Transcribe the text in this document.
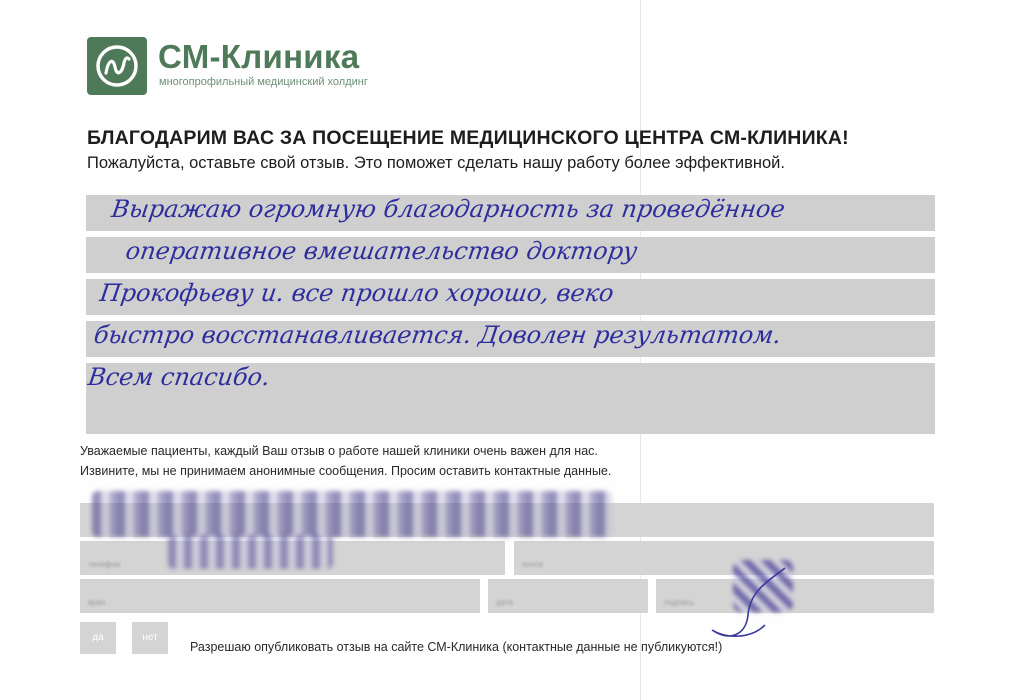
СМ-Клиника
многопрофильный медицинский холдинг
БЛАГОДАРИМ ВАС ЗА ПОСЕЩЕНИЕ МЕДИЦИНСКОГО ЦЕНТРА СМ-КЛИНИКА!
Пожалуйста, оставьте свой отзыв. Это поможет сделать нашу работу более эффективной.
Выражаю огромную благодарность за проведённое
оперативное вмешательство доктору
Прокофьеву и. все прошло хорошо, веко
быстро восстанавливается. Доволен результатом.
Всем спасибо.
Уважаемые пациенты, каждый Ваш отзыв о работе нашей клиники очень важен для нас.
Извините, мы не принимаем анонимные сообщения. Просим оставить контактные данные.
телефон	почта
врач	дата	подпись
да	нет
Разрешаю опубликовать отзыв на сайте СМ-Клиника (контактные данные не публикуются!)
